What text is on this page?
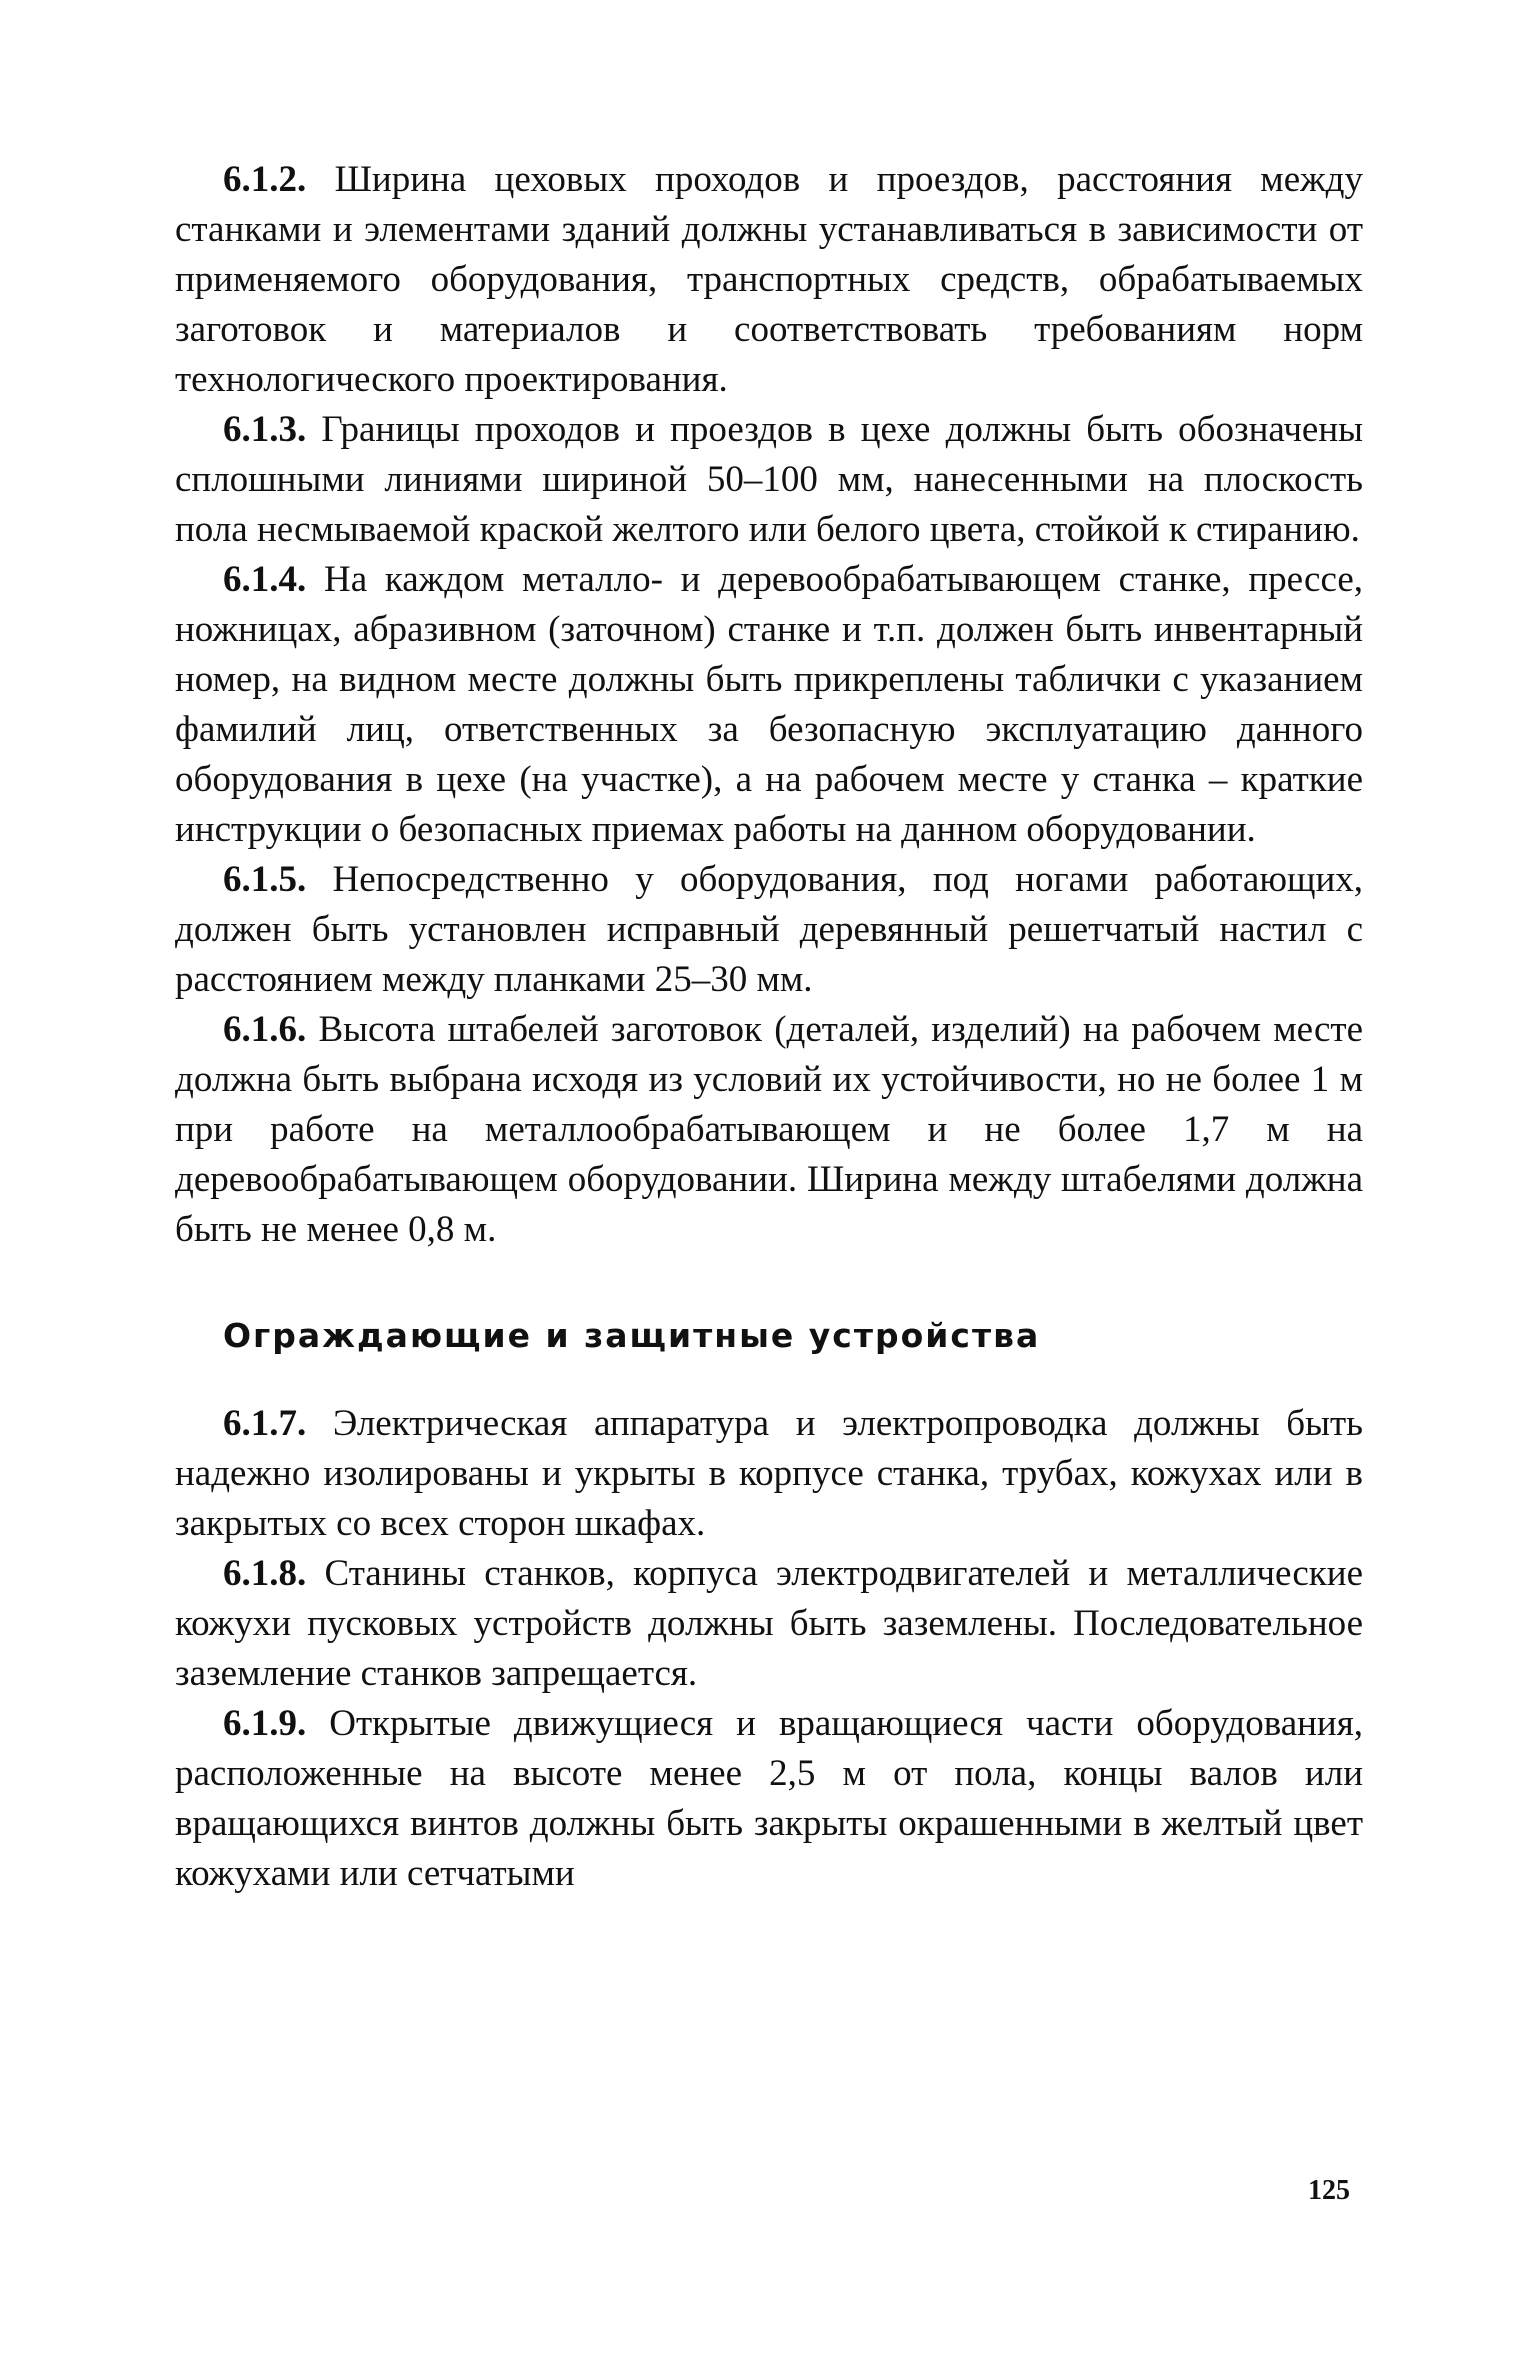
6.1.2. Ширина цеховых проходов и проездов, расстояния между станками и элементами зданий должны устанавливаться в зависимости от применяемого оборудования, транспортных средств, обрабатываемых заготовок и материалов и соответствовать требованиям норм технологического проектирования.

6.1.3. Границы проходов и проездов в цехе должны быть обозначены сплошными линиями шириной 50–100 мм, нанесенными на плоскость пола несмываемой краской желтого или белого цвета, стойкой к стиранию.

6.1.4. На каждом металло- и деревообрабатывающем станке, прессе, ножницах, абразивном (заточном) станке и т.п. должен быть инвентарный номер, на видном месте должны быть прикреплены таблички с указанием фамилий лиц, ответственных за безопасную эксплуатацию данного оборудования в цехе (на участке), а на рабочем месте у станка – краткие инструкции о безопасных приемах работы на данном оборудовании.

6.1.5. Непосредственно у оборудования, под ногами работающих, должен быть установлен исправный деревянный решетчатый настил с расстоянием между планками 25–30 мм.

6.1.6. Высота штабелей заготовок (деталей, изделий) на рабочем месте должна быть выбрана исходя из условий их устойчивости, но не более 1 м при работе на металлообрабатывающем и не более 1,7 м на деревообрабатывающем оборудовании. Ширина между штабелями должна быть не менее 0,8 м.

Ограждающие и защитные устройства

6.1.7. Электрическая аппаратура и электропроводка должны быть надежно изолированы и укрыты в корпусе станка, трубах, кожухах или в закрытых со всех сторон шкафах.

6.1.8. Станины станков, корпуса электродвигателей и металлические кожухи пусковых устройств должны быть заземлены. Последовательное заземление станков запрещается.

6.1.9. Открытые движущиеся и вращающиеся части оборудования, расположенные на высоте менее 2,5 м от пола, концы валов или вращающихся винтов должны быть закрыты окрашенными в желтый цвет кожухами или сетчатыми

125
